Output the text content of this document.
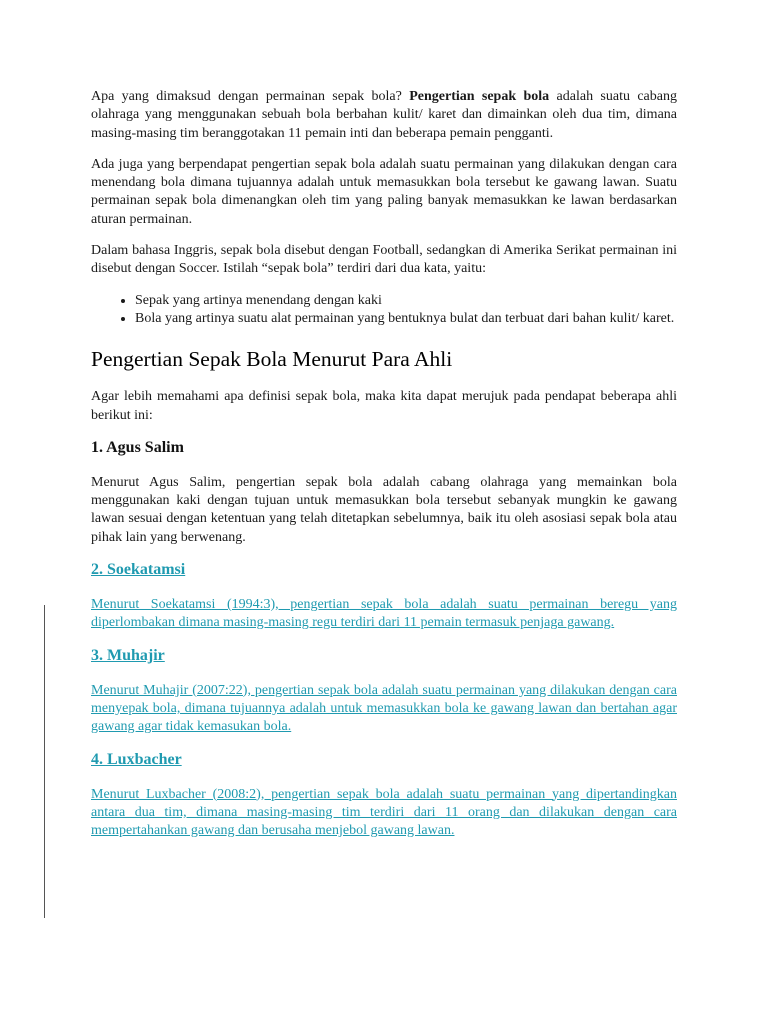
Apa yang dimaksud dengan permainan sepak bola? Pengertian sepak bola adalah suatu cabang olahraga yang menggunakan sebuah bola berbahan kulit/ karet dan dimainkan oleh dua tim, dimana masing-masing tim beranggotakan 11 pemain inti dan beberapa pemain pengganti.

Ada juga yang berpendapat pengertian sepak bola adalah suatu permainan yang dilakukan dengan cara menendang bola dimana tujuannya adalah untuk memasukkan bola tersebut ke gawang lawan. Suatu permainan sepak bola dimenangkan oleh tim yang paling banyak memasukkan ke lawan berdasarkan aturan permainan.

Dalam bahasa Inggris, sepak bola disebut dengan Football, sedangkan di Amerika Serikat permainan ini disebut dengan Soccer. Istilah “sepak bola” terdiri dari dua kata, yaitu:

• Sepak yang artinya menendang dengan kaki
• Bola yang artinya suatu alat permainan yang bentuknya bulat dan terbuat dari bahan kulit/ karet.
Pengertian Sepak Bola Menurut Para Ahli

Agar lebih memahami apa definisi sepak bola, maka kita dapat merujuk pada pendapat beberapa ahli berikut ini:

1. Agus Salim

Menurut Agus Salim, pengertian sepak bola adalah cabang olahraga yang memainkan bola menggunakan kaki dengan tujuan untuk memasukkan bola tersebut sebanyak mungkin ke gawang lawan sesuai dengan ketentuan yang telah ditetapkan sebelumnya, baik itu oleh asosiasi sepak bola atau pihak lain yang berwenang.

2. Soekatamsi

Menurut Soekatamsi (1994:3), pengertian sepak bola adalah suatu permainan beregu yang diperlombakan dimana masing-masing regu terdiri dari 11 pemain termasuk penjaga gawang.

3. Muhajir

Menurut Muhajir (2007:22), pengertian sepak bola adalah suatu permainan yang dilakukan dengan cara menyepak bola, dimana tujuannya adalah untuk memasukkan bola ke gawang lawan dan bertahan agar gawang agar tidak kemasukan bola.

4. Luxbacher

Menurut Luxbacher (2008:2), pengertian sepak bola adalah suatu permainan yang dipertandingkan antara dua tim, dimana masing-masing tim terdiri dari 11 orang dan dilakukan dengan cara mempertahankan gawang dan berusaha menjebol gawang lawan.
